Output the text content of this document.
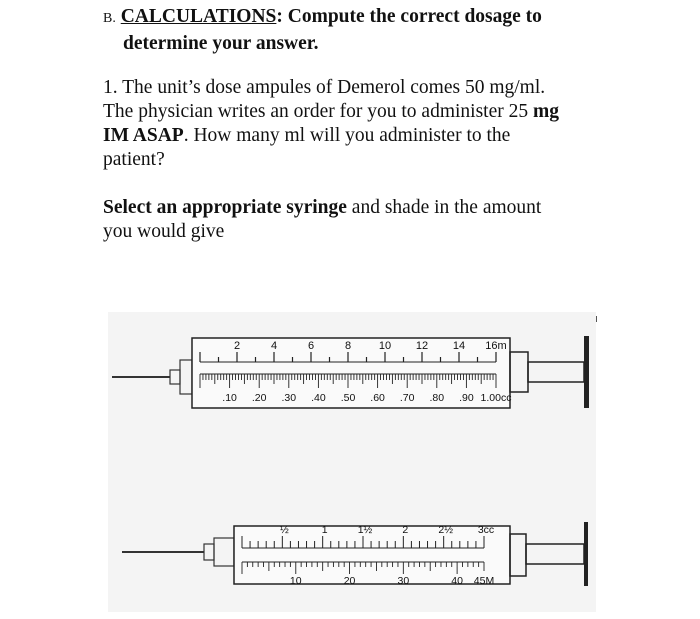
B. CALCULATIONS: Compute the correct dosage to
determine your answer.
1. The unit’s dose ampules of Demerol comes 50 mg/ml.
The physician writes an order for you to administer 25 mg
IM ASAP. How many ml will you administer to the
patient?
Select an appropriate syringe and shade in the amount
you would give
2	4	6	8	10 12 14 16m
.10 .20 .30 .40 .50 .60 .70 .80 .90 1.00cc
½	1	1½	2	2½ 3cc
10	20	30	40 45M
